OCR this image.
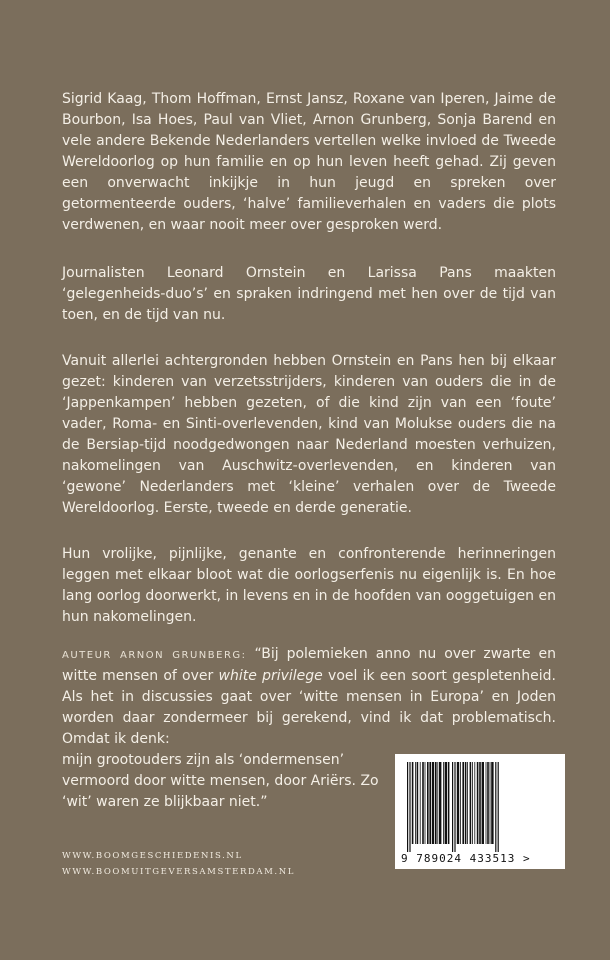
Sigrid Kaag, Thom Hoffman, Ernst Jansz, Roxane van Iperen, Jaime de Bourbon, Isa Hoes, Paul van Vliet, Arnon Grunberg, Sonja Barend en vele andere Bekende Nederlanders vertellen welke invloed de Tweede Wereldoorlog op hun familie en op hun leven heeft gehad. Zij geven een onverwacht inkijkje in hun jeugd en spreken over getormenteerde ouders, ‘halve’ familieverhalen en vaders die plots verdwenen, en waar nooit meer over gesproken werd.

Journalisten Leonard Ornstein en Larissa Pans maakten ‘gelegenheids-duo’s’ en spraken indringend met hen over de tijd van toen, en de tijd van nu.

Vanuit allerlei achtergronden hebben Ornstein en Pans hen bij elkaar gezet: kinderen van verzetsstrijders, kinderen van ouders die in de ‘Jappenkampen’ hebben gezeten, of die kind zijn van een ‘foute’ vader, Roma- en Sinti-overlevenden, kind van Molukse ouders die na de Bersiap-tijd noodgedwongen naar Nederland moesten verhuizen, nakomelingen van Auschwitz-overlevenden, en kinderen van ‘gewone’ Nederlanders met ‘kleine’ verhalen over de Tweede Wereldoorlog. Eerste, tweede en derde generatie.

Hun vrolijke, pijnlijke, genante en confronterende herinneringen leggen met elkaar bloot wat die oorlogserfenis nu eigenlijk is. En hoe lang oorlog doorwerkt, in levens en in de hoofden van ooggetuigen en hun nakomelingen.

AUTEUR ARNON GRUNBERG: “Bij polemieken anno nu over zwarte en witte mensen of over white privilege voel ik een soort gespletenheid. Als het in discussies gaat over ‘witte mensen in Europa’ en Joden worden daar zondermeer bij gerekend, vind ik dat problematisch. Omdat ik denk:

mijn grootouders zijn als ‘ondermensen’ vermoord door witte mensen, door Ariërs. Zo ‘wit’ waren ze blijkbaar niet.”

9 789024 433513 >
WWW.BOOMGESCHIEDENIS.NL
WWW.BOOMUITGEVERSAMSTERDAM.NL
